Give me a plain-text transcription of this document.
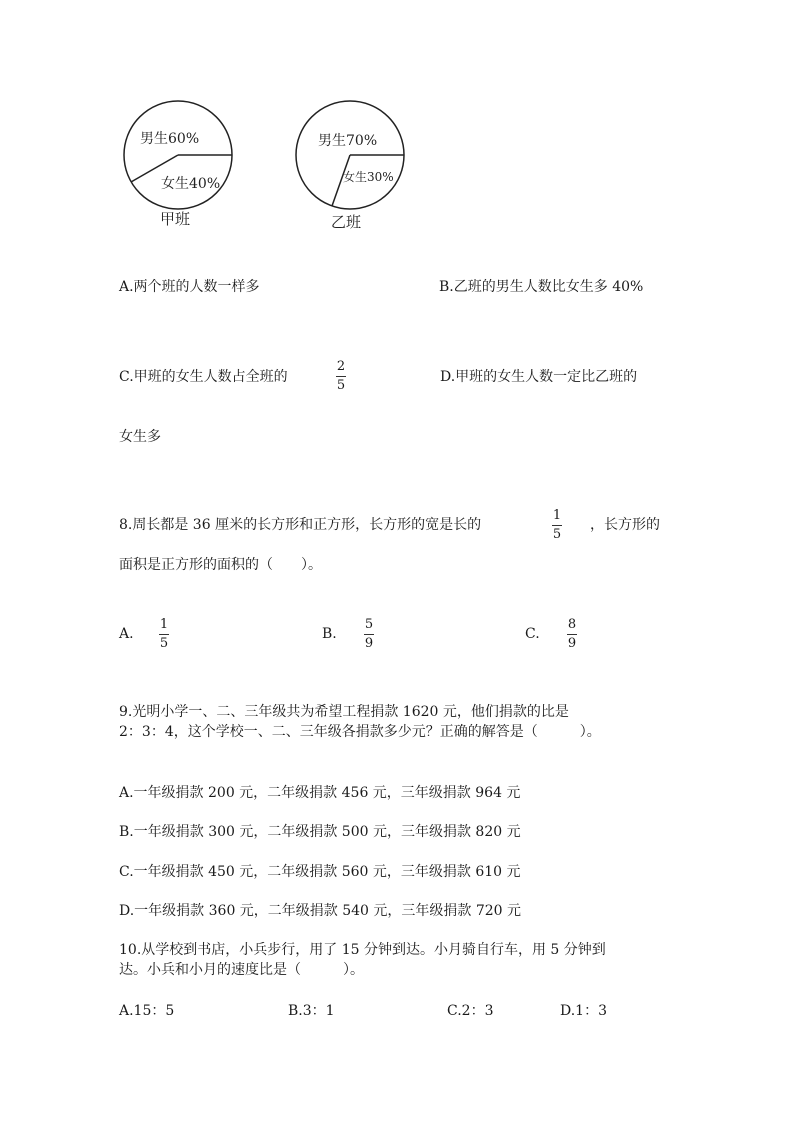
男生60%
女生40%
甲班
男生70%
女生30%
乙班
A.两个班的人数一样多	B.乙班的男生人数比女生多 40%
C.甲班的女生人数占全班的
2
5
D.甲班的女生人数一定比乙班的
女生多
8.周长都是 36 厘米的长方形和正方形，长方形的宽是长的
1
5
，长方形的
面积是正方形的面积的（　　）。
A.
1
5
B.
5
9
C.
8
9
9.光明小学一、二、三年级共为希望工程捐款 1620 元，他们捐款的比是
2：3：4，这个学校一、二、三年级各捐款多少元？正确的解答是（　　　）。
A.一年级捐款 200 元，二年级捐款 456 元，三年级捐款 964 元
B.一年级捐款 300 元，二年级捐款 500 元，三年级捐款 820 元
C.一年级捐款 450 元，二年级捐款 560 元，三年级捐款 610 元
D.一年级捐款 360 元，二年级捐款 540 元，三年级捐款 720 元
10.从学校到书店，小兵步行，用了 15 分钟到达。小月骑自行车，用 5 分钟到
达。小兵和小月的速度比是（　　　）。
A.15：5	B.3：1	C.2：3	D.1：3
